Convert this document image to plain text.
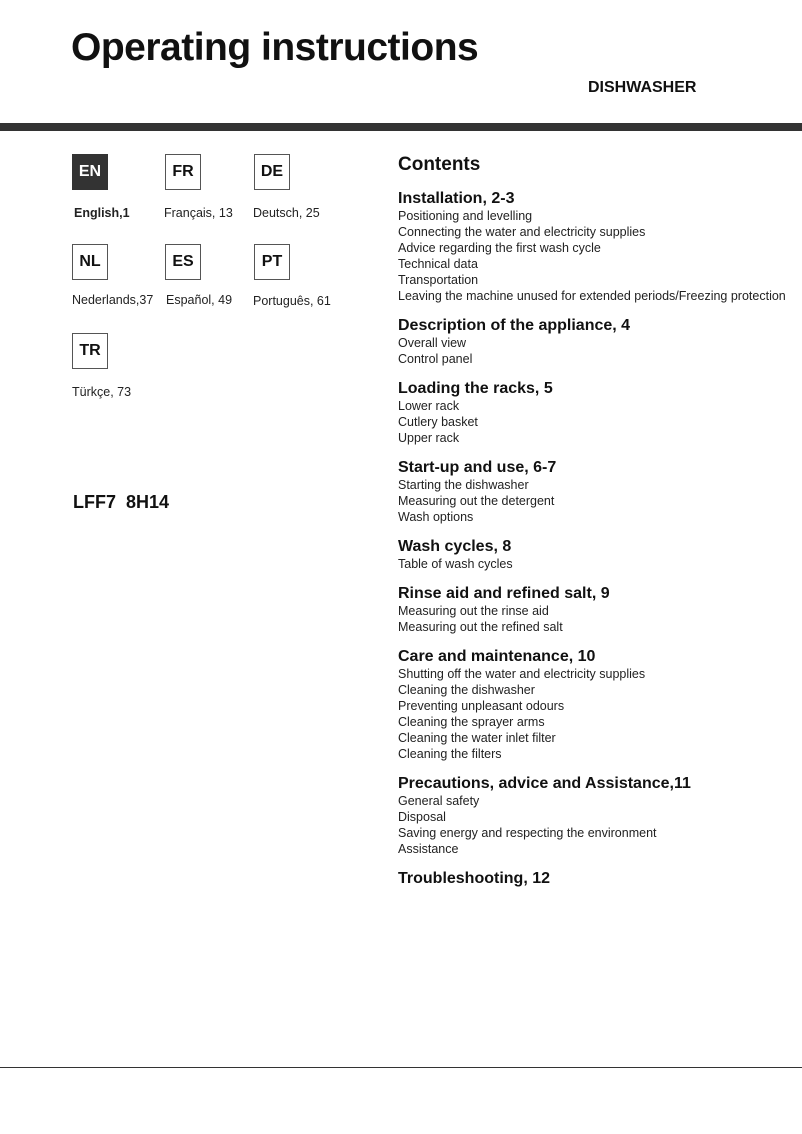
Operating instructions
DISHWASHER
EN
English,1
FR
Français, 13
DE
Deutsch, 25
NL
Nederlands,37
ES
Español, 49
PT
Português, 61
TR
Türkçe, 73
LFF7  8H14
Contents
Installation, 2-3
Positioning and levelling
Connecting the water and electricity supplies
Advice regarding the first wash cycle
Technical data
Transportation
Leaving the machine unused for extended periods/Freezing protection
Description of the appliance, 4
Overall view
Control panel
Loading the racks, 5
Lower rack
Cutlery basket
Upper rack
Start-up and use, 6-7
Starting the dishwasher
Measuring out the detergent
Wash options
Wash cycles, 8
Table of wash cycles
Rinse aid and refined salt, 9
Measuring out the rinse aid
Measuring out the refined salt
Care and maintenance, 10
Shutting off the water and electricity supplies
Cleaning the dishwasher
Preventing unpleasant odours
Cleaning the sprayer arms
Cleaning the water inlet filter
Cleaning the filters
Precautions, advice and Assistance,11
General safety
Disposal
Saving energy and respecting the environment
Assistance
Troubleshooting, 12
